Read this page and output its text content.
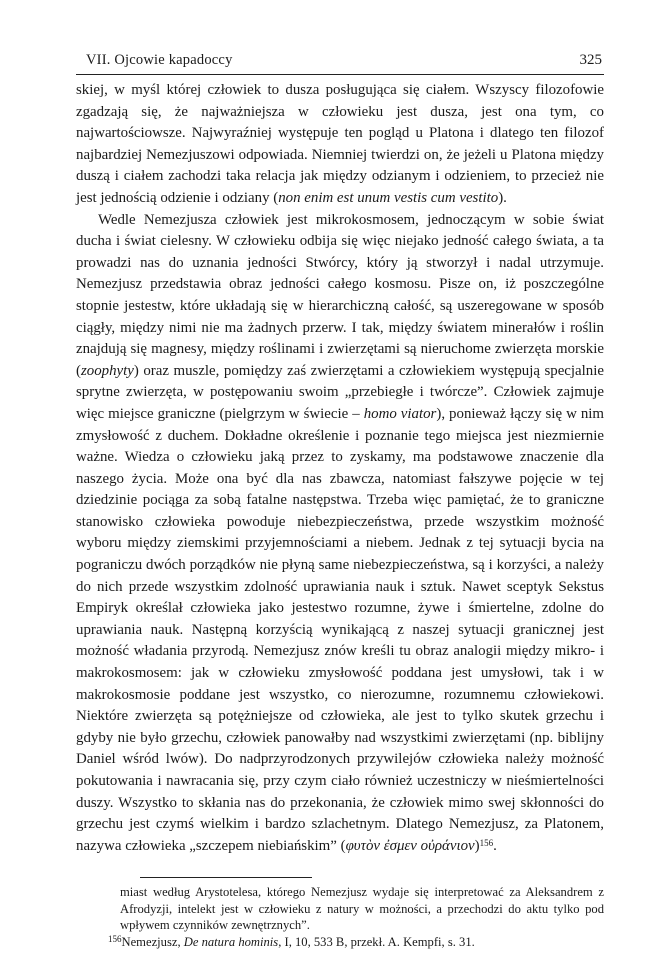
VII. Ojcowie kapadoccy	325

skiej, w myśl której człowiek to dusza posługująca się ciałem. Wszyscy filozofowie zgadzają się, że najważniejsza w człowieku jest dusza, jest ona tym, co najwartościowsze. Najwyraźniej występuje ten pogląd u Platona i dlatego ten filozof najbardziej Nemezjuszowi odpowiada. Niemniej twierdzi on, że jeżeli u Platona między duszą i ciałem zachodzi taka relacja jak między odzianym i odzieniem, to przecież nie jest jednością odzienie i odziany (non enim est unum vestis cum vestito).

Wedle Nemezjusza człowiek jest mikrokosmosem, jednoczącym w sobie świat ducha i świat cielesny. W człowieku odbija się więc niejako jedność całego świata, a ta prowadzi nas do uznania jedności Stwórcy, który ją stworzył i nadal utrzymuje. Nemezjusz przedstawia obraz jedności całego kosmosu. Pisze on, iż poszczególne stopnie jestestw, które układają się w hierarchiczną całość, są uszeregowane w sposób ciągły, między nimi nie ma żadnych przerw. I tak, między światem minerałów i roślin znajdują się magnesy, między roślinami i zwierzętami są nieruchome zwierzęta morskie (zoophyty) oraz muszle, pomiędzy zaś zwierzętami a człowiekiem występują specjalnie sprytne zwierzęta, w postępowaniu swoim „przebiegłe i twórcze”. Człowiek zajmuje więc miejsce graniczne (pielgrzym w świecie – homo viator), ponieważ łączy się w nim zmysłowość z duchem. Dokładne określenie i poznanie tego miejsca jest niezmiernie ważne. Wiedza o człowieku jaką przez to zyskamy, ma podstawowe znaczenie dla naszego życia. Może ona być dla nas zbawcza, natomiast fałszywe pojęcie w tej dziedzinie pociąga za sobą fatalne następstwa. Trzeba więc pamiętać, że to graniczne stanowisko człowieka powoduje niebezpieczeństwa, przede wszystkim możność wyboru między ziemskimi przyjemnościami a niebem. Jednak z tej sytuacji bycia na pograniczu dwóch porządków nie płyną same niebezpieczeństwa, są i korzyści, a należy do nich przede wszystkim zdolność uprawiania nauk i sztuk. Nawet sceptyk Sekstus Empiryk określał człowieka jako jestestwo rozumne, żywe i śmiertelne, zdolne do uprawiania nauk. Następną korzyścią wynikającą z naszej sytuacji granicznej jest możność władania przyrodą. Nemezjusz znów kreśli tu obraz analogii między mikro- i makrokosmosem: jak w człowieku zmysłowość poddana jest umysłowi, tak i w makrokosmosie poddane jest wszystko, co nierozumne, rozumnemu człowiekowi. Niektóre zwierzęta są potężniejsze od człowieka, ale jest to tylko skutek grzechu i gdyby nie było grzechu, człowiek panowałby nad wszystkimi zwierzętami (np. biblijny Daniel wśród lwów). Do nadprzyrodzonych przywilejów człowieka należy możność pokutowania i nawracania się, przy czym ciało również uczestniczy w nieśmiertelności duszy. Wszystko to skłania nas do przekonania, że człowiek mimo swej skłonności do grzechu jest czymś wielkim i bardzo szlachetnym. Dlatego Nemezjusz, za Platonem, nazywa człowieka „szczepem niebiańskim” (φυτὸν ἐσμεν οὐράνιον)$^{156}$.

miast według Arystotelesa, którego Nemezjusz wydaje się interpretować za Aleksandrem z Afrodyzji, intelekt jest w człowieku z natury w możności, a przechodzi do aktu tylko pod wpływem czynników zewnętrznych”.

$^{156}$Nemezjusz, De natura hominis, I, 10, 533 B, przekł. A. Kempfi, s. 31.
